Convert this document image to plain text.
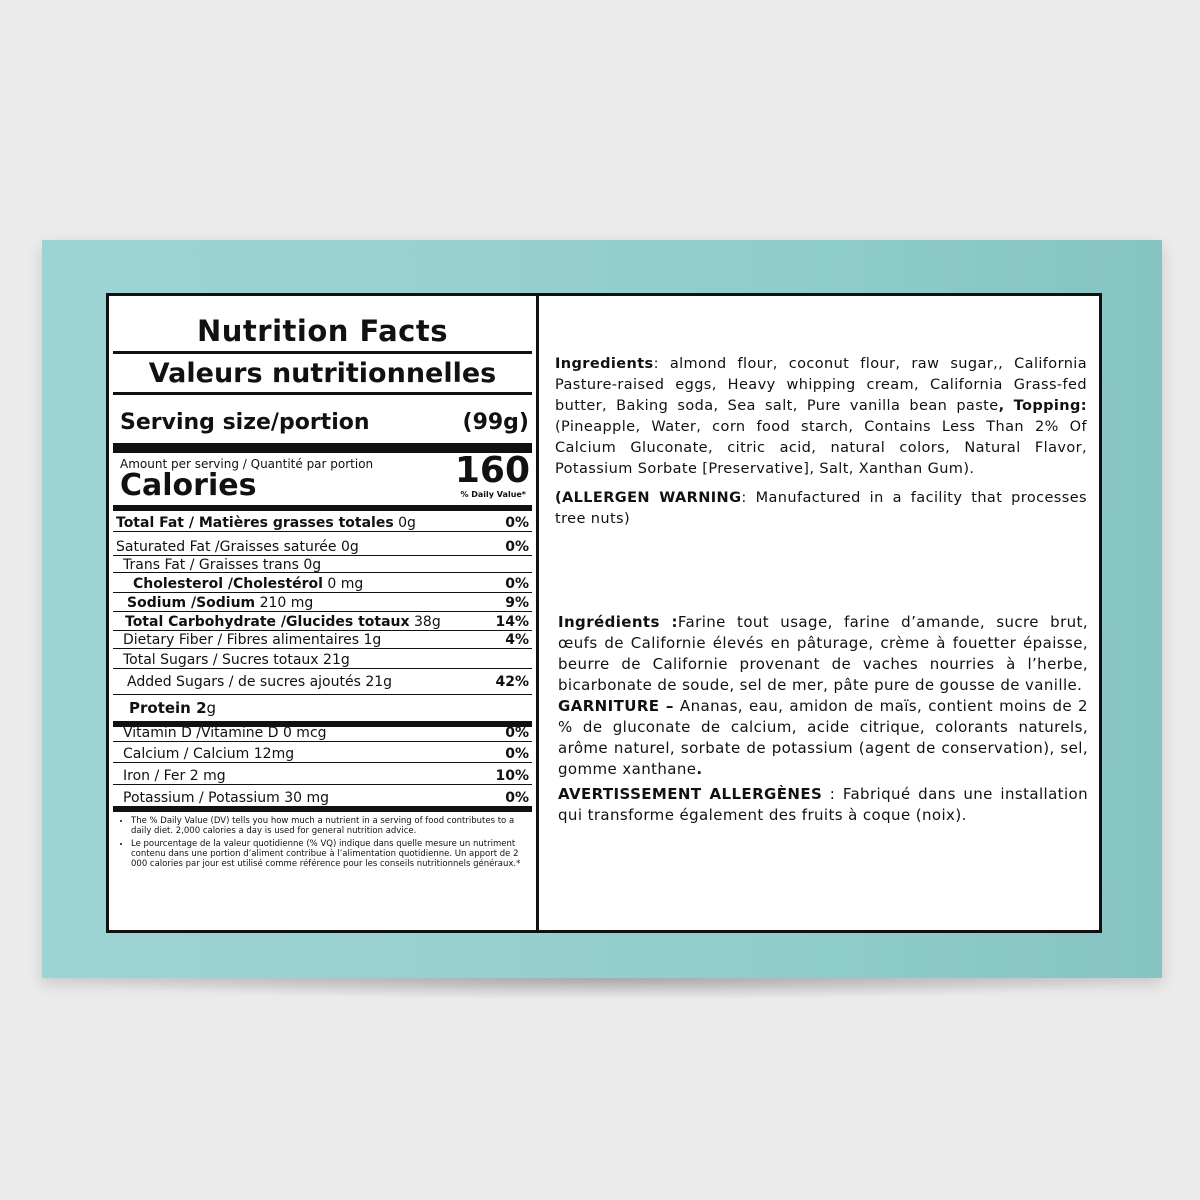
Nutrition Facts
Valeurs nutritionnelles
Serving size/portion	(99g)
Amount per serving / Quantité par portion
Calories	160
% Daily Value*
Total Fat / Matières grasses totales 0g	0%
Saturated Fat /Graisses saturée 0g	0%
Trans Fat / Graisses trans 0g
Cholesterol /Cholestérol 0 mg	0%
Sodium /Sodium 210 mg	9%
Total Carbohydrate /Glucides totaux 38g	14%
Dietary Fiber / Fibres alimentaires 1g	4%
Total Sugars / Sucres totaux 21g
Added Sugars / de sucres ajoutés 21g	42%
Protein 2g
Vitamin D /Vitamine D 0 mcg	0%
Calcium / Calcium 12mg	0%
Iron / Fer 2 mg	10%
Potassium / Potassium 30 mg	0%
• The % Daily Value (DV) tells you how much a nutrient in a serving of food contributes to a daily diet. 2,000 calories a day is used for general nutrition advice.
• Le pourcentage de la valeur quotidienne (% VQ) indique dans quelle mesure un nutriment contenu dans une portion d’aliment contribue à l’alimentation quotidienne. Un apport de 2 000 calories par jour est utilisé comme référence pour les conseils nutritionnels généraux.*

Ingredients: almond flour, coconut flour, raw sugar,, California Pasture-raised eggs, Heavy whipping cream, California Grass-fed butter, Baking soda, Sea salt, Pure vanilla bean paste, Topping: (Pineapple, Water, corn food starch, Contains Less Than 2% Of Calcium Gluconate, citric acid, natural colors, Natural Flavor, Potassium Sorbate [Preservative], Salt, Xanthan Gum).

(ALLERGEN WARNING: Manufactured in a facility that processes tree nuts)

Ingrédients :Farine tout usage, farine d’amande, sucre brut, œufs de Californie élevés en pâturage, crème à fouetter épaisse, beurre de Californie provenant de vaches nourries à l’herbe, bicarbonate de soude, sel de mer, pâte pure de gousse de vanille.

GARNITURE – Ananas, eau, amidon de maïs, contient moins de 2 % de gluconate de calcium, acide citrique, colorants naturels, arôme naturel, sorbate de potassium (agent de conservation), sel, gomme xanthane.

AVERTISSEMENT ALLERGÈNES : Fabriqué dans une installation qui transforme également des fruits à coque (noix).
